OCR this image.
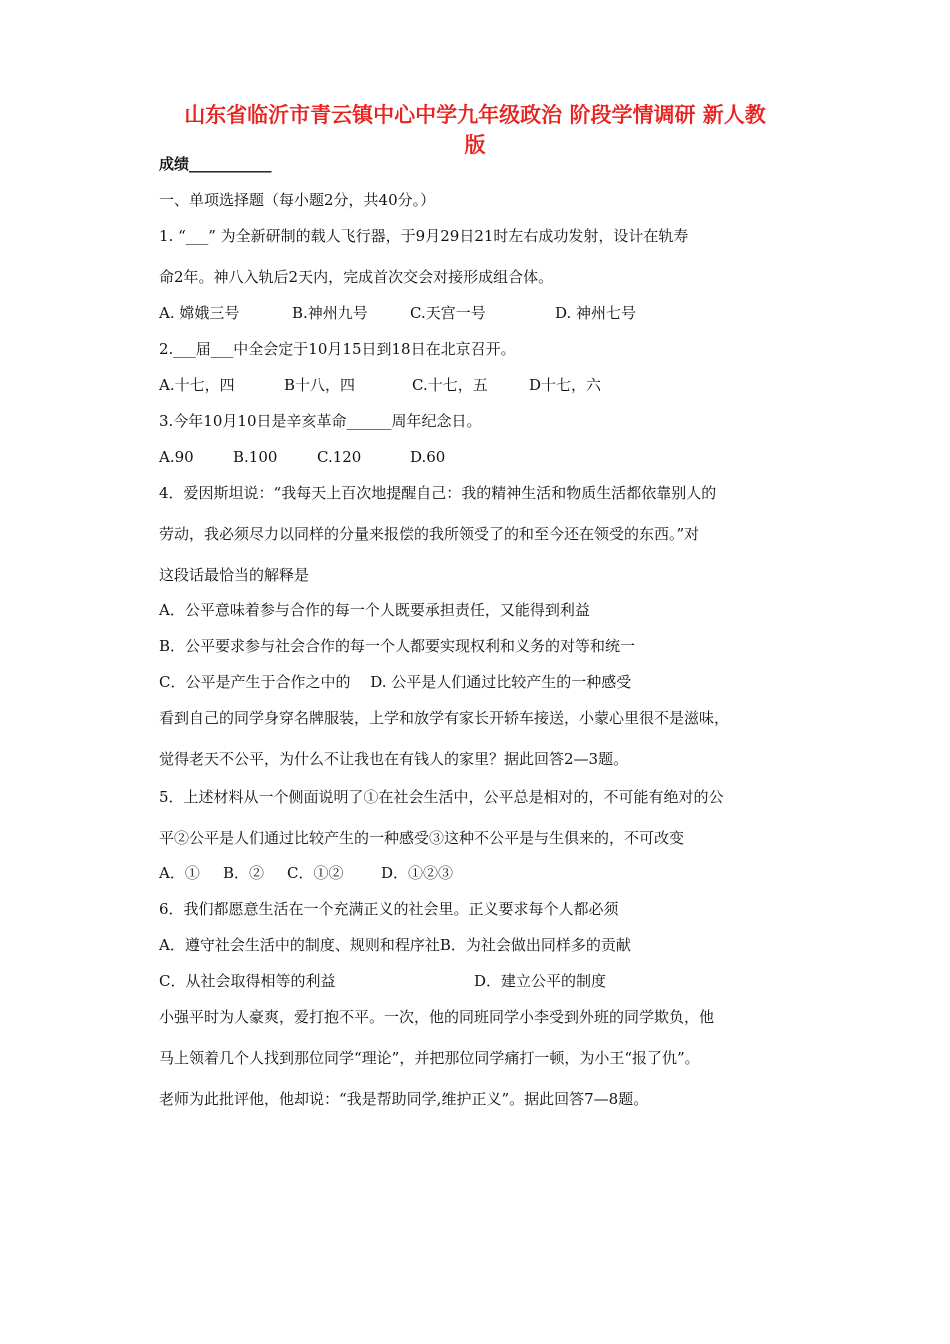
山东省临沂市青云镇中心中学九年级政治 阶段学情调研 新人教
版
成绩___________
一、单项选择题（每小题2分，共40分。）
1. “___” 为全新研制的载人飞行器，于9月29日21时左右成功发射，设计在轨寿
命2年。神八入轨后2天内，完成首次交会对接形成组合体。
A. 嫦娥三号	B.神州九号	C.天宫一号	D. 神州七号
2.___届___中全会定于10月15日到18日在北京召开。
A.十七，四	B十八，四	C.十七，五	D十七，六
3.今年10月10日是辛亥革命______周年纪念日。
A.90	B.100	C.120	D.60
4．爱因斯坦说：“我每天上百次地提醒自己：我的精神生活和物质生活都依靠别人的
劳动，我必须尽力以同样的分量来报偿的我所领受了的和至今还在领受的东西。”对
这段话最恰当的解释是
A．公平意味着参与合作的每一个人既要承担责任，又能得到利益
B．公平要求参与社会合作的每一个人都要实现权利和义务的对等和统一
C．公平是产生于合作之中的　 D. 公平是人们通过比较产生的一种感受
看到自己的同学身穿名牌服装，上学和放学有家长开轿车接送，小蒙心里很不是滋味，
觉得老天不公平，为什么不让我也在有钱人的家里？据此回答2—3题。
5．上述材料从一个侧面说明了①在社会生活中，公平总是相对的，不可能有绝对的公
平②公平是人们通过比较产生的一种感受③这种不公平是与生俱来的，不可改变
A．① B．② C．①②	D．①②③
6．我们都愿意生活在一个充满正义的社会里。正义要求每个人都必须
A．遵守社会生活中的制度、规则和程序社B．为社会做出同样多的贡献
C．从社会取得相等的利益	D．建立公平的制度
小强平时为人豪爽，爱打抱不平。一次，他的同班同学小李受到外班的同学欺负，他
马上领着几个人找到那位同学“理论”，并把那位同学痛打一顿，为小王“报了仇”。
老师为此批评他，他却说：“我是帮助同学,维护正义”。据此回答7—8题。
